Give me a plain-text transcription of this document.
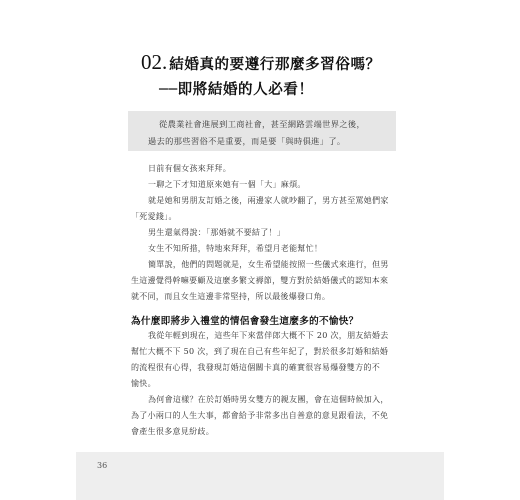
36
02. 結婚真的要遵行那麼多習俗嗎？
──即將結婚的人必看！
從農業社會進展到工商社會，甚至網路雲端世界之後，
過去的那些習俗不是重要，而是要「與時俱進」了。
日前有個女孩來拜拜。
一聊之下才知道原來她有一個「大」麻煩。
就是她和男朋友訂婚之後，兩邊家人就吵翻了，男方甚至罵她們家
「死愛錢」。
男生還氣得說：「那婚就不要結了！」
女生不知所措，特地來拜拜，希望月老能幫忙！
簡單說，他們的問題就是，女生希望能按照一些儀式來進行，但男
生這邊覺得幹嘛要顧及這麼多繁文褥節，雙方對於結婚儀式的認知本來
就不同，而且女生這邊非常堅持，所以最後爆發口角。
為什麼即將步入禮堂的情侶會發生這麼多的不愉快？
我從年輕到現在，這些年下來當伴郎大概不下 20 次，朋友結婚去
幫忙大概不下 50 次，到了現在自己有些年紀了，對於很多訂婚和結婚
的流程很有心得，我發現訂婚這個關卡真的確實很容易爆發雙方的不
愉快。
為何會這樣？在於訂婚時男女雙方的親友團，會在這個時候加入，
為了小兩口的人生大事，都會給予非常多出自善意的意見跟看法，不免
會產生很多意見紛歧。
